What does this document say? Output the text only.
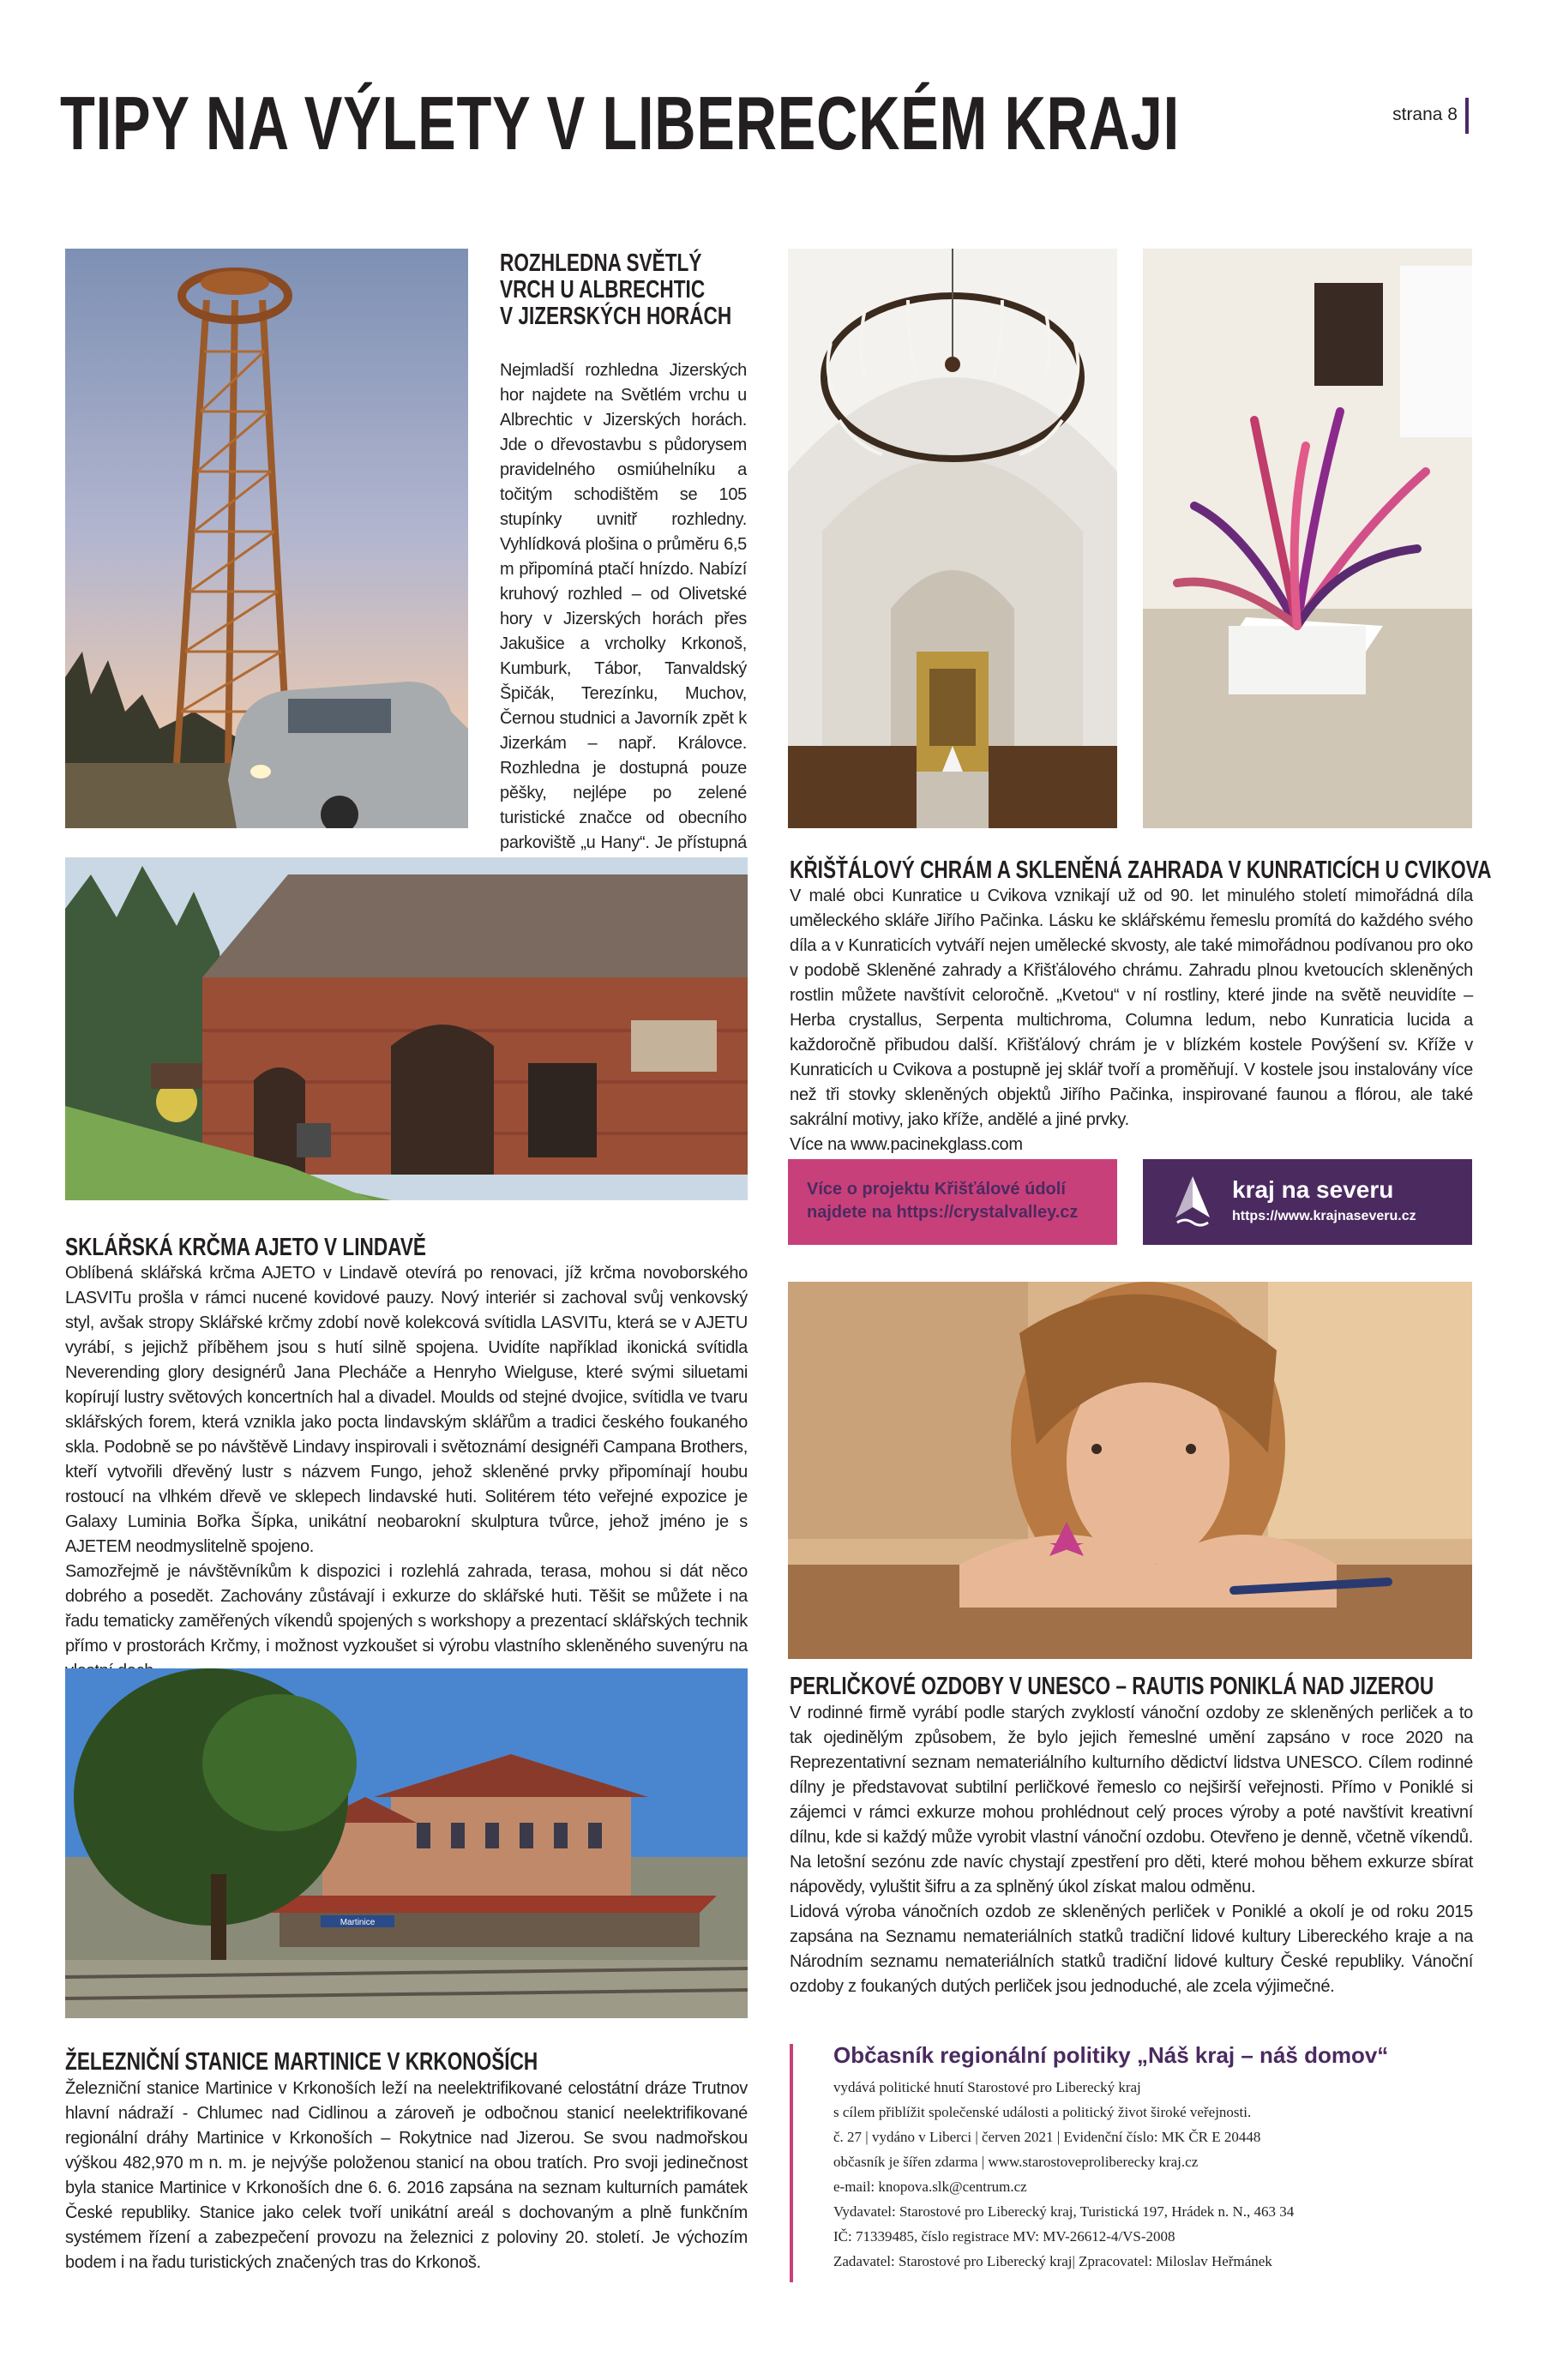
TIPY NA VÝLETY V LIBERECKÉM KRAJI	strana 8
ROZHLEDNA SVĚTLÝ
VRCH U ALBRECHTIC
V JIZERSKÝCH HORÁCH

Nejmladší rozhledna Jizerských hor najdete na Světlém vrchu u Albrechtic v Jizerských horách. Jde o dřevostavbu s půdorysem pravidelného osmiúhelníku a točitým schodištěm se 105 stupínky uvnitř rozhledny. Vyhlídková plošina o průměru 6,5 m připomíná ptačí hnízdo. Nabízí kruhový rozhled – od Olivetské hory v Jizerských horách přes Jakušice a vrcholky Krkonoš, Kumburk, Tábor, Tanvaldský Špičák, Terezínku, Muchov, Černou studnici a Javorník zpět k Jizerkám – např. Královce. Rozhledna je dostupná pouze pěšky, nejlépe po zelené turistické značce od obecního parkoviště „u Hany“. Je přístupná

KŘIŠŤÁLOVÝ CHRÁM A SKLENĚNÁ ZAHRADA V KUNRATICÍCH U CVIKOVA

V malé obci Kunratice u Cvikova vznikají už od 90. let minulého století mimořádná díla uměleckého skláře Jiřího Pačinka. Lásku ke sklářskému řemeslu promítá do každého svého díla a v Kunraticích vytváří nejen umělecké skvosty, ale také mimořádnou podívanou pro oko v podobě Skleněné zahrady a Křišťálového chrámu. Zahradu plnou kvetoucích skleněných rostlin můžete navštívit celoročně. „Kvetou“ v ní rostliny, které jinde na světě neuvidíte – Herba crystallus, Serpenta multichroma, Columna ledum, nebo Kunraticia lucida a každoročně přibudou další. Křišťálový chrám je v blízkém kostele Povýšení sv. Kříže v Kunraticích u Cvikova a postupně jej sklář tvoří a proměňují. V kostele jsou instalovány více než tři stovky skleněných objektů Jiřího Pačinka, inspirované faunou a flórou, ale také sakrální motivy, jako kříže, andělé a jiné prvky.

Více na www.pacinekglass.com

Více o projektu Křišťálové údolí
najdete na https://crystalvalley.cz
kraj na severu
https://www.krajnaseveru.cz
SKLÁŘSKÁ KRČMA AJETO V LINDAVĚ

Oblíbená sklářská krčma AJETO v Lindavě otevírá po renovaci, jíž krčma novoborského LASVITu prošla v rámci nucené kovidové pauzy. Nový interiér si zachoval svůj venkovský styl, avšak stropy Sklářské krčmy zdobí nově kolekcová svítidla LASVITu, která se v AJETU vyrábí, s jejichž příběhem jsou s hutí silně spojena. Uvidíte například ikonická svítidla Neverending glory designérů Jana Plecháče a Henryho Wielguse, které svými siluetami kopírují lustry světových koncertních hal a divadel. Moulds od stejné dvojice, svítidla ve tvaru sklářských forem, která vznikla jako pocta lindavským sklářům a tradici českého foukaného skla. Podobně se po návštěvě Lindavy inspirovali i světoznámí designéři Campana Brothers, kteří vytvořili dřevěný lustr s názvem Fungo, jehož skleněné prvky připomínají houbu rostoucí na vlhkém dřevě ve sklepech lindavské huti. Solitérem této veřejné expozice je Galaxy Luminia Bořka Šípka, unikátní neobarokní skulptura tvůrce, jehož jméno je s AJETEM neodmyslitelně spojeno.

Samozřejmě je návštěvníkům k dispozici i rozlehlá zahrada, terasa, mohou si dát něco dobrého a posedět. Zachovány zůstávají i exkurze do sklářské huti. Těšit se můžete i na řadu tematicky zaměřených víkendů spojených s workshopy a prezentací sklářských technik přímo v prostorách Krčmy, i možnost vyzkoušet si výrobu vlastního skleněného suvenýru na

PERLIČKOVÉ OZDOBY V UNESCO – RAUTIS PONIKLÁ NAD JIZEROU

V rodinné firmě vyrábí podle starých zvyklostí vánoční ozdoby ze skleněných perliček a to tak ojedinělým způsobem, že bylo jejich řemeslné umění zapsáno v roce 2020 na Reprezentativní seznam nemateriálního kulturního dědictví lidstva UNESCO. Cílem rodinné dílny je představovat subtilní perličkové řemeslo co nejširší veřejnosti. Přímo v Poniklé si zájemci v rámci exkurze mohou prohlédnout celý proces výroby a poté navštívit kreativní dílnu, kde si každý může vyrobit vlastní vánoční ozdobu. Otevřeno je denně, včetně víkendů. Na letošní sezónu zde navíc chystají zpestření pro děti, které mohou během exkurze sbírat nápovědy, vyluštit šifru a za splněný úkol získat malou odměnu.

Lidová výroba vánočních ozdob ze skleněných perliček v Poniklé a okolí je od roku 2015 zapsána na Seznamu nemateriálních statků tradiční lidové kultury Libereckého kraje a na Národním seznamu nemateriálních statků tradiční lidové kultury České republiky. Vánoční ozdoby z foukaných dutých perliček jsou jednoduché, ale zcela výjimečné.

Martinice
ŽELEZNIČNÍ STANICE MARTINICE V KRKONOŠÍCH

Železniční stanice Martinice v Krkonoších leží na neelektrifikované celostátní dráze Trutnov hlavní nádraží - Chlumec nad Cidlinou a zároveň je odbočnou stanicí neelektrifikované regionální dráhy Martinice v Krkonoších – Rokytnice nad Jizerou. Se svou nadmořskou výškou 482,970 m n. m. je nejvýše položenou stanicí na obou tratích. Pro svoji jedinečnost byla stanice Martinice v Krkonoších dne 6. 6. 2016 zapsána na seznam kulturních památek České republiky. Stanice jako celek tvoří unikátní areál s dochovaným a plně funkčním systémem řízení a zabezpečení provozu na železnici z poloviny 20. století. Je výchozím bodem i na řadu turistických značených tras do Krkonoš.

Občasník regionální politiky „Náš kraj – náš domov“
vydává politické hnutí Starostové pro Liberecký kraj
s cílem přiblížit společenské události a politický život široké veřejnosti.
č. 27 | vydáno v Liberci | červen 2021 | Evidenční číslo: MK ČR E 20448
občasník je šířen zdarma | www.starostoveproliberecky kraj.cz
e-mail: knopova.slk@centrum.cz
Vydavatel: Starostové pro Liberecký kraj, Turistická 197, Hrádek n. N., 463 34
IČ: 71339485, číslo registrace MV: MV-26612-4/VS-2008
Zadavatel: Starostové pro Liberecký kraj| Zpracovatel: Miloslav Heřmánek
